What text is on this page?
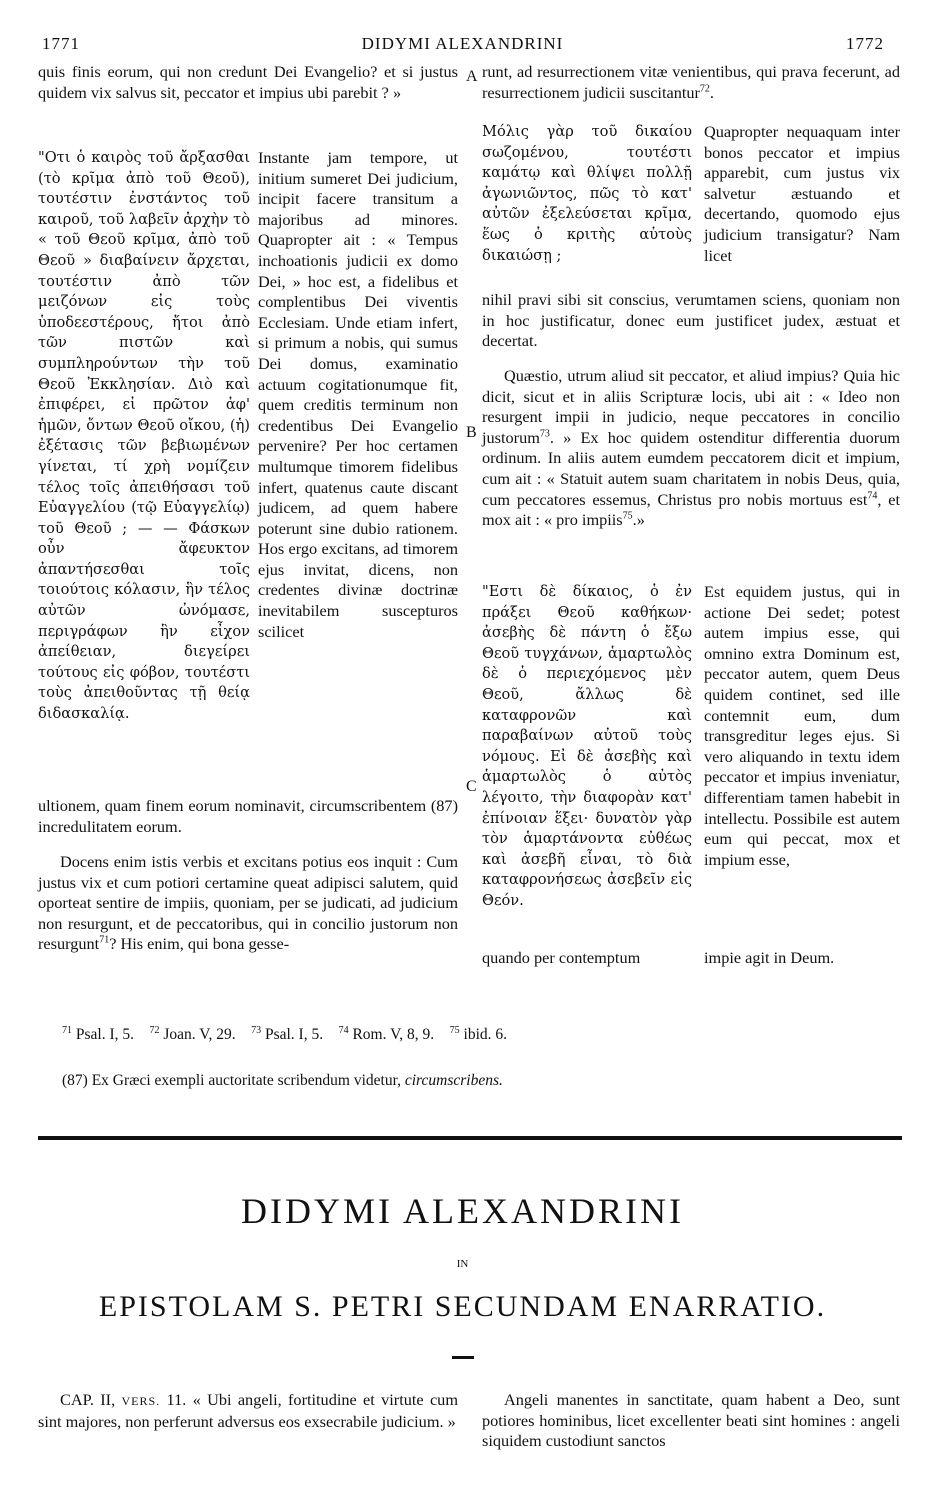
1771	DIDYMI ALEXANDRINI	1772
quis finis eorum, qui non credunt Dei Evangelio? et si justus quidem vix salvus sit, peccator et impius ubi parebit ? »
"Οτι ὁ καιρὸς τοῦ ἄρξασθαι (τὸ κρῖμα ἀπὸ τοῦ Θεοῦ), τουτέστιν ἐνστάντος τοῦ καιροῦ, τοῦ λαβεῖν ἀρχὴν τὸ « τοῦ Θεοῦ κρῖμα, ἀπὸ τοῦ Θεοῦ » διαβαίνειν ἄρχεται, τουτέστιν ἀπὸ τῶν μειζόνων εἰς τοὺς ὑποδεεστέρους, ἤτοι ἀπὸ τῶν πιστῶν καὶ συμπληρούντων τὴν τοῦ Θεοῦ Ἐκκλησίαν. Διὸ καὶ ἐπιφέρει, εἰ πρῶτον ἀφ' ἡμῶν, ὄντων Θεοῦ οἴκου, (ἡ) ἐξέτασις τῶν βεβιωμένων γίνεται, τί χρὴ νομίζειν τέλος τοῖς ἀπειθήσασι τοῦ Εὐαγγελίου (τῷ Εὐαγγελίῳ) τοῦ Θεοῦ ; — — Φάσκων οὖν ἄφευκτον ἀπαντήσεσθαι τοῖς τοιούτοις κόλασιν, ἣν τέλος αὐτῶν ὠνόμασε, περιγράφων ἣν εἶχον ἀπείθειαν, διεγείρει τούτους εἰς φόβον, τουτέστι τοὺς ἀπειθοῦντας τῇ θείᾳ διδασκαλίᾳ.
Instante jam tempore, ut initium sumeret Dei judicium, incipit facere transitum a majoribus ad minores. Quapropter ait : « Tempus inchoationis judicii ex domo Dei, » hoc est, a fidelibus et complentibus Dei viventis Ecclesiam. Unde etiam infert, si primum a nobis, qui sumus Dei domus, examinatio actuum cogitationumque fit, quem creditis terminum non credentibus Dei Evangelio pervenire? Per hoc certamen multumque timorem fidelibus infert, quatenus caute discant judicem, ad quem habere poterunt sine dubio rationem. Hos ergo excitans, ad timorem ejus invitat, dicens, non credentes divinæ doctrinæ inevitabilem suscepturos scilicet
ultionem, quam finem eorum nominavit, circumscribentem (87) incredulitatem eorum.
Docens enim istis verbis et excitans potius eos inquit : Cum justus vix et cum potiori certamine queat adipisci salutem, quid oporteat sentire de impiis, quoniam, per se judicati, ad judicium non resurgunt, et de peccatoribus, qui in concilio justorum non resurgunt$^{71}$? His enim, qui bona gesse-
A
B
C
runt, ad resurrectionem vitæ venientibus, qui prava fecerunt, ad resurrectionem judicii suscitantur$^{72}$.
Μόλις γὰρ τοῦ δικαίου σωζομένου, τουτέστι καμάτῳ καὶ θλίψει πολλῇ ἀγωνιῶντος, πῶς τὸ κατ' αὐτῶν ἐξελεύσεται κρῖμα, ἕως ὁ κριτὴς αὐτοὺς δικαιώσῃ ;
Quapropter nequaquam inter bonos peccator et impius apparebit, cum justus vix salvetur æstuando et decertando, quomodo ejus judicium transigatur? Nam licet
nihil pravi sibi sit conscius, verumtamen sciens, quoniam non in hoc justificatur, donec eum justificet judex, æstuat et decertat.
Quæstio, utrum aliud sit peccator, et aliud impius? Quia hic dicit, sicut et in aliis Scripturæ locis, ubi ait : « Ideo non resurgent impii in judicio, neque peccatores in concilio justorum$^{73}$. » Ex hoc quidem ostenditur differentia duorum ordinum. In aliis autem eumdem peccatorem dicit et impium, cum ait : « Statuit autem suam charitatem in nobis Deus, quia, cum peccatores essemus, Christus pro nobis mortuus est$^{74}$, et mox ait : « pro impiis$^{75}$.»
"Εστι δὲ δίκαιος, ὁ ἐν πράξει Θεοῦ καθήκων· ἀσεβὴς δὲ πάντη ὁ ἔξω Θεοῦ τυγχάνων, ἁμαρτωλὸς δὲ ὁ περιεχόμενος μὲν Θεοῦ, ἄλλως δὲ καταφρονῶν καὶ παραβαίνων αὐτοῦ τοὺς νόμους. Εἰ δὲ ἀσεβὴς καὶ ἁμαρτωλὸς ὁ αὐτὸς λέγοιτο, τὴν διαφορὰν κατ' ἐπίνοιαν ἕξει· δυνατὸν γὰρ τὸν ἁμαρτάνοντα εὐθέως καὶ ἀσεβῆ εἶναι, τὸ διὰ καταφρονήσεως ἀσεβεῖν εἰς Θεόν.
Est equidem justus, qui in actione Dei sedet; potest autem impius esse, qui omnino extra Dominum est, peccator autem, quem Deus quidem continet, sed ille contemnit eum, dum transgreditur leges ejus. Si vero aliquando in textu idem peccator et impius inveniatur, differentiam tamen habebit in intellectu. Possibile est autem eum qui peccat, mox et impium esse,
quando per contemptum	impie agit in Deum.
$^{71}$ Psal. I, 5. $^{72}$ Joan. V, 29. $^{73}$ Psal. I, 5. $^{74}$ Rom. V, 8, 9. $^{75}$ ibid. 6.
(87) Ex Græci exempli auctoritate scribendum videtur, circumscribens.
DIDYMI ALEXANDRINI
IN
EPISTOLAM S. PETRI SECUNDAM ENARRATIO.
CAP. II, VERS. 11. « Ubi angeli, fortitudine et virtute cum sint majores, non perferunt adversus eos exsecrabile judicium. »
Angeli manentes in sanctitate, quam habent a Deo, sunt potiores hominibus, licet excellenter beati sint homines : angeli siquidem custodiunt sanctos
